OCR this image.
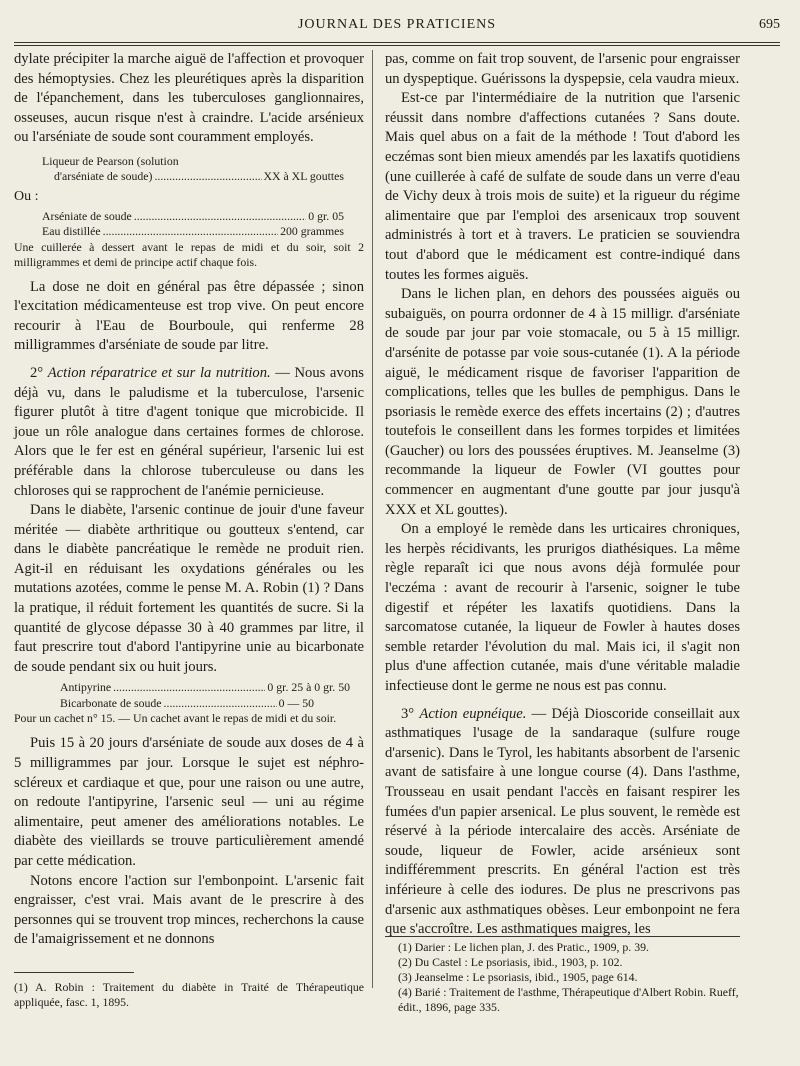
JOURNAL DES PRATICIENS	695

dylate précipiter la marche aiguë de l'affection et provoquer des hémoptysies. Chez les pleurétiques après la disparition de l'épanchement, dans les tuberculoses ganglionnaires, osseuses, aucun risque n'est à craindre. L'acide arsénieux ou l'arséniate de soude sont couramment employés.

Liqueur de Pearson (solution
d'arséniate de soude) .....	XX à XL gouttes
Ou :
Arséniate de soude .....	0 gr. 05
Eau distillée .....	200 grammes

Une cuillerée à dessert avant le repas de midi et du soir, soit 2 milligrammes et demi de principe actif chaque fois.

La dose ne doit en général pas être dépassée ; sinon l'excitation médicamenteuse est trop vive. On peut encore recourir à l'Eau de Bourboule, qui renferme 28 milligrammes d'arséniate de soude par litre.

2° Action réparatrice et sur la nutrition. — Nous avons déjà vu, dans le paludisme et la tuberculose, l'arsenic figurer plutôt à titre d'agent tonique que microbicide. Il joue un rôle analogue dans certaines formes de chlorose. Alors que le fer est en général supérieur, l'arsenic lui est préférable dans la chlorose tuberculeuse ou dans les chloroses qui se rapprochent de l'anémie pernicieuse.

Dans le diabète, l'arsenic continue de jouir d'une faveur méritée — diabète arthritique ou goutteux s'entend, car dans le diabète pancréatique le remède ne produit rien. Agit-il en réduisant les oxydations générales ou les mutations azotées, comme le pense M. A. Robin (1) ? Dans la pratique, il réduit fortement les quantités de sucre. Si la quantité de glycose dépasse 30 à 40 grammes par litre, il faut prescrire tout d'abord l'antipyrine unie au bicarbonate de soude pendant six ou huit jours.

Antipyrine .....	0 gr. 25 à 0 gr. 50
Bicarbonate de soude .....	0 — 50

Pour un cachet n° 15. — Un cachet avant le repas de midi et du soir.

Puis 15 à 20 jours d'arséniate de soude aux doses de 4 à 5 milligrammes par jour. Lorsque le sujet est néphro-scléreux et cardiaque et que, pour une raison ou une autre, on redoute l'antipyrine, l'arsenic seul — uni au régime alimentaire, peut amener des améliorations notables. Le diabète des vieillards se trouve particulièrement amendé par cette médication.

Notons encore l'action sur l'embonpoint. L'arsenic fait engraisser, c'est vrai. Mais avant de le prescrire à des personnes qui se trouvent trop minces, recherchons la cause de l'amaigrissement et ne donnons

pas, comme on fait trop souvent, de l'arsenic pour engraisser un dyspeptique. Guérissons la dyspepsie, cela vaudra mieux.

Est-ce par l'intermédiaire de la nutrition que l'arsenic réussit dans nombre d'affections cutanées ? Sans doute. Mais quel abus on a fait de la méthode ! Tout d'abord les eczémas sont bien mieux amendés par les laxatifs quotidiens (une cuillerée à café de sulfate de soude dans un verre d'eau de Vichy deux à trois mois de suite) et la rigueur du régime alimentaire que par l'emploi des arsenicaux trop souvent administrés à tort et à travers. Le praticien se souviendra tout d'abord que le médicament est contre-indiqué dans toutes les formes aiguës.

Dans le lichen plan, en dehors des poussées aiguës ou subaiguës, on pourra ordonner de 4 à 15 milligr. d'arséniate de soude par jour par voie stomacale, ou 5 à 15 milligr. d'arsénite de potasse par voie sous-cutanée (1). A la période aiguë, le médicament risque de favoriser l'apparition de complications, telles que les bulles de pemphigus. Dans le psoriasis le remède exerce des effets incertains (2) ; d'autres toutefois le conseillent dans les formes torpides et limitées (Gaucher) ou lors des poussées éruptives. M. Jeanselme (3) recommande la liqueur de Fowler (VI gouttes pour commencer en augmentant d'une goutte par jour jusqu'à XXX et XL gouttes).

On a employé le remède dans les urticaires chroniques, les herpès récidivants, les prurigos diathésiques. La même règle reparaît ici que nous avons déjà formulée pour l'eczéma : avant de recourir à l'arsenic, soigner le tube digestif et répéter les laxatifs quotidiens. Dans la sarcomatose cutanée, la liqueur de Fowler à hautes doses semble retarder l'évolution du mal. Mais ici, il s'agit non plus d'une affection cutanée, mais d'une véritable maladie infectieuse dont le germe ne nous est pas connu.

3° Action eupnéique. — Déjà Dioscoride conseillait aux asthmatiques l'usage de la sandaraque (sulfure rouge d'arsenic). Dans le Tyrol, les habitants absorbent de l'arsenic avant de satisfaire à une longue course (4). Dans l'asthme, Trousseau en usait pendant l'accès en faisant respirer les fumées d'un papier arsenical. Le plus souvent, le remède est réservé à la période intercalaire des accès. Arséniate de soude, liqueur de Fowler, acide arsénieux sont indifféremment prescrits. En général l'action est très inférieure à celle des iodures. De plus ne prescrivons pas d'arsenic aux asthmatiques obèses. Leur embonpoint ne fera que s'accroître. Les asthmatiques maigres, les

(1) A. Robin : Traitement du diabète in Traité de Thérapeutique appliquée, fasc. 1, 1895.

(1) Darier : Le lichen plan, J. des Pratic., 1909, p. 39.

(2) Du Castel : Le psoriasis, ibid., 1903, p. 102.

(3) Jeanselme : Le psoriasis, ibid., 1905, page 614.

(4) Barié : Traitement de l'asthme, Thérapeutique d'Albert Robin. Rueff, édit., 1896, page 335.
